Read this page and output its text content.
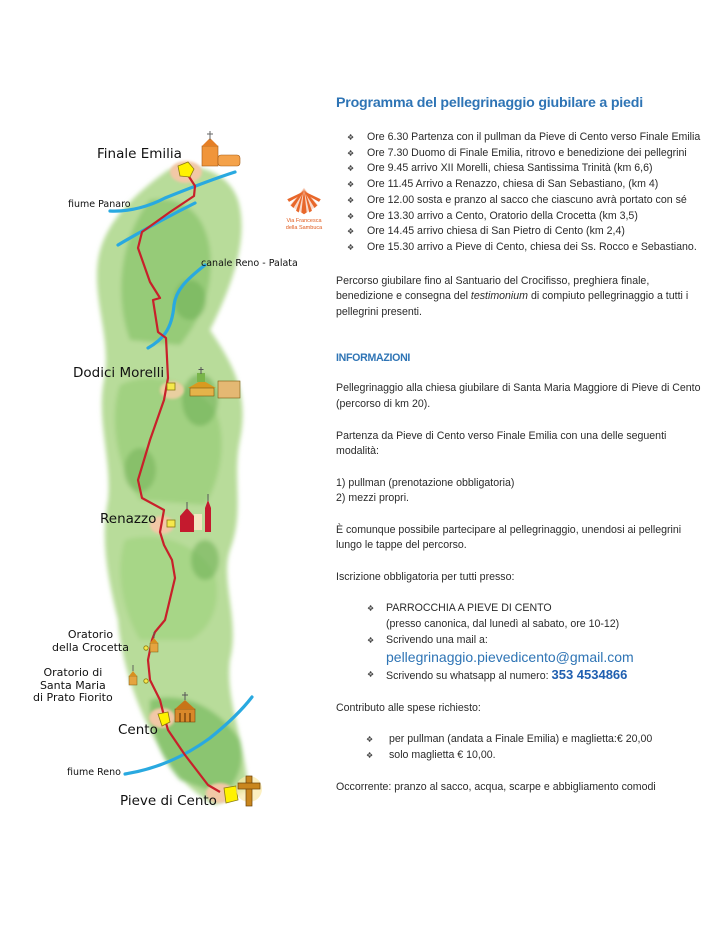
Finale Emilia
Dodici Morelli
Renazzo
Oratorio
della Crocetta
Oratorio di
Santa Maria
di Prato Fiorito
Cento
Pieve di Cento
fiume Panaro
canale Reno - Palata
fiume Reno
Via Francesca
della Sambuca
Programma del pellegrinaggio giubilare a piedi
❖ Ore 6.30 Partenza con il pullman da Pieve di Cento verso Finale Emilia
❖ Ore 7.30 Duomo di Finale Emilia, ritrovo e benedizione dei pellegrini
❖ Ore 9.45 arrivo XII Morelli, chiesa Santissima Trinità (km 6,6)
❖ Ore 11.45 Arrivo a Renazzo, chiesa di San Sebastiano, (km 4)
❖ Ore 12.00 sosta e pranzo al sacco che ciascuno avrà portato con sé
❖ Ore 13.30 arrivo a Cento, Oratorio della Crocetta (km 3,5)
❖ Ore 14.45 arrivo chiesa di San Pietro di Cento (km 2,4)
❖ Ore 15.30 arrivo a Pieve di Cento, chiesa dei Ss. Rocco e Sebastiano.

Percorso giubilare fino al Santuario del Crocifisso, preghiera finale, benedizione e consegna del testimonium di compiuto pellegrinaggio a tutti i pellegrini presenti.

INFORMAZIONI

Pellegrinaggio alla chiesa giubilare di Santa Maria Maggiore di Pieve di Cento (percorso di km 20).

Partenza da Pieve di Cento verso Finale Emilia con una delle seguenti modalità:

1) pullman (prenotazione obbligatoria)
2) mezzi propri.

È comunque possibile partecipare al pellegrinaggio, unendosi ai pellegrini lungo le tappe del percorso.

Iscrizione obbligatoria per tutti presso:

❖ PARROCCHIA A PIEVE DI CENTO
(presso canonica, dal lunedì al sabato, ore 10-12)
❖ Scrivendo una mail a:
pellegrinaggio.pievedicento@gmail.com
❖ Scrivendo su whatsapp al numero: 353 4534866

Contributo alle spese richiesto:

❖ per pullman (andata a Finale Emilia) e maglietta:€ 20,00
❖ solo maglietta € 10,00.

Occorrente: pranzo al sacco, acqua, scarpe e abbigliamento comodi
